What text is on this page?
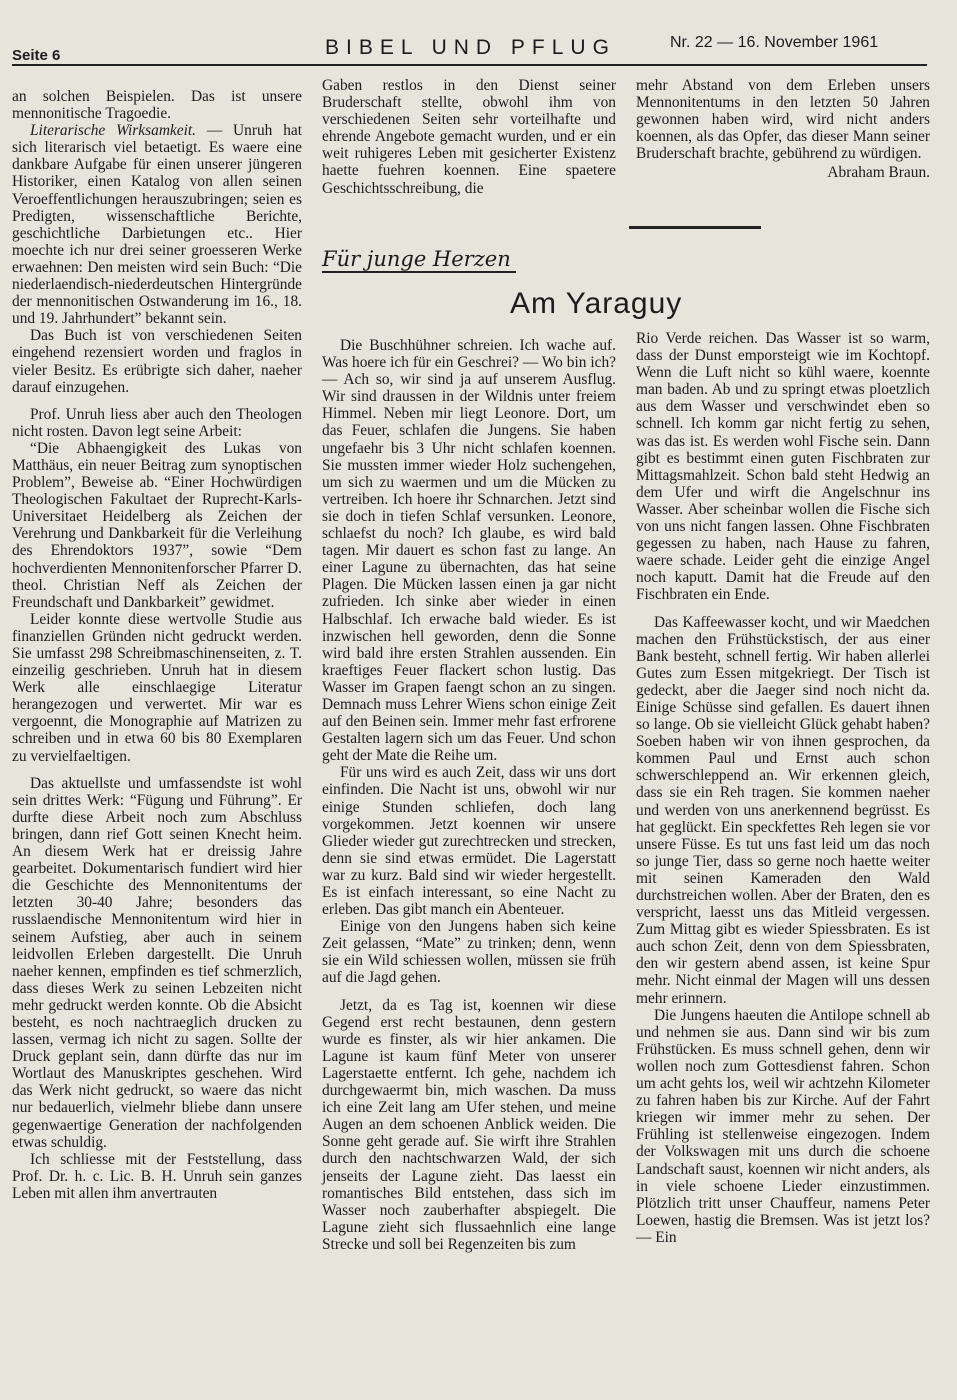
Seite 6	BIBEL UND PFLUG	Nr. 22 — 16. November 1961

an solchen Beispielen. Das ist unsere mennonitische Tragoedie.

Literarische Wirksamkeit. — Unruh hat sich literarisch viel betaetigt. Es waere eine dankbare Aufgabe für einen unserer jüngeren Historiker, einen Katalog von allen seinen Veroeffentlichungen herauszubringen; seien es Predigten, wissenschaftliche Berichte, geschichtliche Darbietungen etc.. Hier moechte ich nur drei seiner groesseren Werke erwaehnen: Den meisten wird sein Buch: “Die niederlaendisch-niederdeutschen Hintergründe der mennonitischen Ostwanderung im 16., 18. und 19. Jahrhundert” bekannt sein.

Das Buch ist von verschiedenen Seiten eingehend rezensiert worden und fraglos in vieler Besitz. Es erübrigte sich daher, naeher darauf einzugehen.

Prof. Unruh liess aber auch den Theologen nicht rosten. Davon legt seine Arbeit:

“Die Abhaengigkeit des Lukas von Matthäus, ein neuer Beitrag zum synoptischen Problem”, Beweise ab. “Einer Hochwürdigen Theologischen Fakultaet der Ruprecht-Karls-Universitaet Heidelberg als Zeichen der Verehrung und Dankbarkeit für die Verleihung des Ehrendoktors 1937”, sowie “Dem hochverdienten Mennonitenforscher Pfarrer D. theol. Christian Neff als Zeichen der Freundschaft und Dankbarkeit” gewidmet.

Leider konnte diese wertvolle Studie aus finanziellen Gründen nicht gedruckt werden. Sie umfasst 298 Schreibmaschinenseiten, z. T. einzeilig geschrieben. Unruh hat in diesem Werk alle einschlaegige Literatur herangezogen und verwertet. Mir war es vergoennt, die Monographie auf Matrizen zu schreiben und in etwa 60 bis 80 Exemplaren zu vervielfaeltigen.

Das aktuellste und umfassendste ist wohl sein drittes Werk: “Fügung und Führung”. Er durfte diese Arbeit noch zum Abschluss bringen, dann rief Gott seinen Knecht heim. An diesem Werk hat er dreissig Jahre gearbeitet. Dokumentarisch fundiert wird hier die Geschichte des Mennonitentums der letzten 30-40 Jahre; besonders das russlaendische Mennonitentum wird hier in seinem Aufstieg, aber auch in seinem leidvollen Erleben dargestellt. Die Unruh naeher kennen, empfinden es tief schmerzlich, dass dieses Werk zu seinen Lebzeiten nicht mehr gedruckt werden konnte. Ob die Absicht besteht, es noch nachtraeglich drucken zu lassen, vermag ich nicht zu sagen. Sollte der Druck geplant sein, dann dürfte das nur im Wortlaut des Manuskriptes geschehen. Wird das Werk nicht gedruckt, so waere das nicht nur bedauerlich, vielmehr bliebe dann unsere gegenwaertige Generation der nachfolgenden etwas schuldig.

Ich schliesse mit der Feststellung, dass Prof. Dr. h. c. Lic. B. H. Unruh sein ganzes Leben mit allen ihm anvertrauten

Gaben restlos in den Dienst seiner Bruderschaft stellte, obwohl ihm von verschiedenen Seiten sehr vorteilhafte und ehrende Angebote gemacht wurden, und er ein weit ruhigeres Leben mit gesicherter Existenz haette fuehren koennen. Eine spaetere Geschichtsschreibung, die

mehr Abstand von dem Erleben unsers Mennonitentums in den letzten 50 Jahren gewonnen haben wird, wird nicht anders koennen, als das Opfer, das dieser Mann seiner Bruderschaft brachte, gebührend zu würdigen.

Abraham Braun.
Für junge Herzen
Am Yaraguy

Die Buschhühner schreien. Ich wache auf. Was hoere ich für ein Geschrei? — Wo bin ich? — Ach so, wir sind ja auf unserem Ausflug. Wir sind draussen in der Wildnis unter freiem Himmel. Neben mir liegt Leonore. Dort, um das Feuer, schlafen die Jungens. Sie haben ungefaehr bis 3 Uhr nicht schlafen koennen. Sie mussten immer wieder Holz suchengehen, um sich zu waermen und um die Mücken zu vertreiben. Ich hoere ihr Schnarchen. Jetzt sind sie doch in tiefen Schlaf versunken. Leonore, schlaefst du noch? Ich glaube, es wird bald tagen. Mir dauert es schon fast zu lange. An einer Lagune zu übernachten, das hat seine Plagen. Die Mücken lassen einen ja gar nicht zufrieden. Ich sinke aber wieder in einen Halbschlaf. Ich erwache bald wieder. Es ist inzwischen hell geworden, denn die Sonne wird bald ihre ersten Strahlen aussenden. Ein kraeftiges Feuer flackert schon lustig. Das Wasser im Grapen faengt schon an zu singen. Demnach muss Lehrer Wiens schon einige Zeit auf den Beinen sein. Immer mehr fast erfrorene Gestalten lagern sich um das Feuer. Und schon geht der Mate die Reihe um.

Für uns wird es auch Zeit, dass wir uns dort einfinden. Die Nacht ist uns, obwohl wir nur einige Stunden schliefen, doch lang vorgekommen. Jetzt koennen wir unsere Glieder wieder gut zurechtrecken und strecken, denn sie sind etwas ermüdet. Die Lagerstatt war zu kurz. Bald sind wir wieder hergestellt. Es ist einfach interessant, so eine Nacht zu erleben. Das gibt manch ein Abenteuer.

Einige von den Jungens haben sich keine Zeit gelassen, “Mate” zu trinken; denn, wenn sie ein Wild schiessen wollen, müssen sie früh auf die Jagd gehen.

Jetzt, da es Tag ist, koennen wir diese Gegend erst recht bestaunen, denn gestern wurde es finster, als wir hier ankamen. Die Lagune ist kaum fünf Meter von unserer Lagerstaette entfernt. Ich gehe, nachdem ich durchgewaermt bin, mich waschen. Da muss ich eine Zeit lang am Ufer stehen, und meine Augen an dem schoenen Anblick weiden. Die Sonne geht gerade auf. Sie wirft ihre Strahlen durch den nachtschwarzen Wald, der sich jenseits der Lagune zieht. Das laesst ein romantisches Bild entstehen, dass sich im Wasser noch zauberhafter abspiegelt. Die Lagune zieht sich flussaehnlich eine lange Strecke und soll bei Regenzeiten bis zum

Rio Verde reichen. Das Wasser ist so warm, dass der Dunst emporsteigt wie im Kochtopf. Wenn die Luft nicht so kühl waere, koennte man baden. Ab und zu springt etwas ploetzlich aus dem Wasser und verschwindet eben so schnell. Ich komm gar nicht fertig zu sehen, was das ist. Es werden wohl Fische sein. Dann gibt es bestimmt einen guten Fischbraten zur Mittagsmahlzeit. Schon bald steht Hedwig an dem Ufer und wirft die Angelschnur ins Wasser. Aber scheinbar wollen die Fische sich von uns nicht fangen lassen. Ohne Fischbraten gegessen zu haben, nach Hause zu fahren, waere schade. Leider geht die einzige Angel noch kaputt. Damit hat die Freude auf den Fischbraten ein Ende.

Das Kaffeewasser kocht, und wir Maedchen machen den Frühstückstisch, der aus einer Bank besteht, schnell fertig. Wir haben allerlei Gutes zum Essen mitgekriegt. Der Tisch ist gedeckt, aber die Jaeger sind noch nicht da. Einige Schüsse sind gefallen. Es dauert ihnen so lange. Ob sie vielleicht Glück gehabt haben? Soeben haben wir von ihnen gesprochen, da kommen Paul und Ernst auch schon schwerschleppend an. Wir erkennen gleich, dass sie ein Reh tragen. Sie kommen naeher und werden von uns anerkennend begrüsst. Es hat geglückt. Ein speckfettes Reh legen sie vor unsere Füsse. Es tut uns fast leid um das noch so junge Tier, dass so gerne noch haette weiter mit seinen Kameraden den Wald durchstreichen wollen. Aber der Braten, den es verspricht, laesst uns das Mitleid vergessen. Zum Mittag gibt es wieder Spiessbraten. Es ist auch schon Zeit, denn von dem Spiessbraten, den wir gestern abend assen, ist keine Spur mehr. Nicht einmal der Magen will uns dessen mehr erinnern.

Die Jungens haeuten die Antilope schnell ab und nehmen sie aus. Dann sind wir bis zum Frühstücken. Es muss schnell gehen, denn wir wollen noch zum Gottesdienst fahren. Schon um acht gehts los, weil wir achtzehn Kilometer zu fahren haben bis zur Kirche. Auf der Fahrt kriegen wir immer mehr zu sehen. Der Frühling ist stellenweise eingezogen. Indem der Volkswagen mit uns durch die schoene Landschaft saust, koennen wir nicht anders, als in viele schoene Lieder einzustimmen. Plötzlich tritt unser Chauffeur, namens Peter Loewen, hastig die Bremsen. Was ist jetzt los? — Ein
